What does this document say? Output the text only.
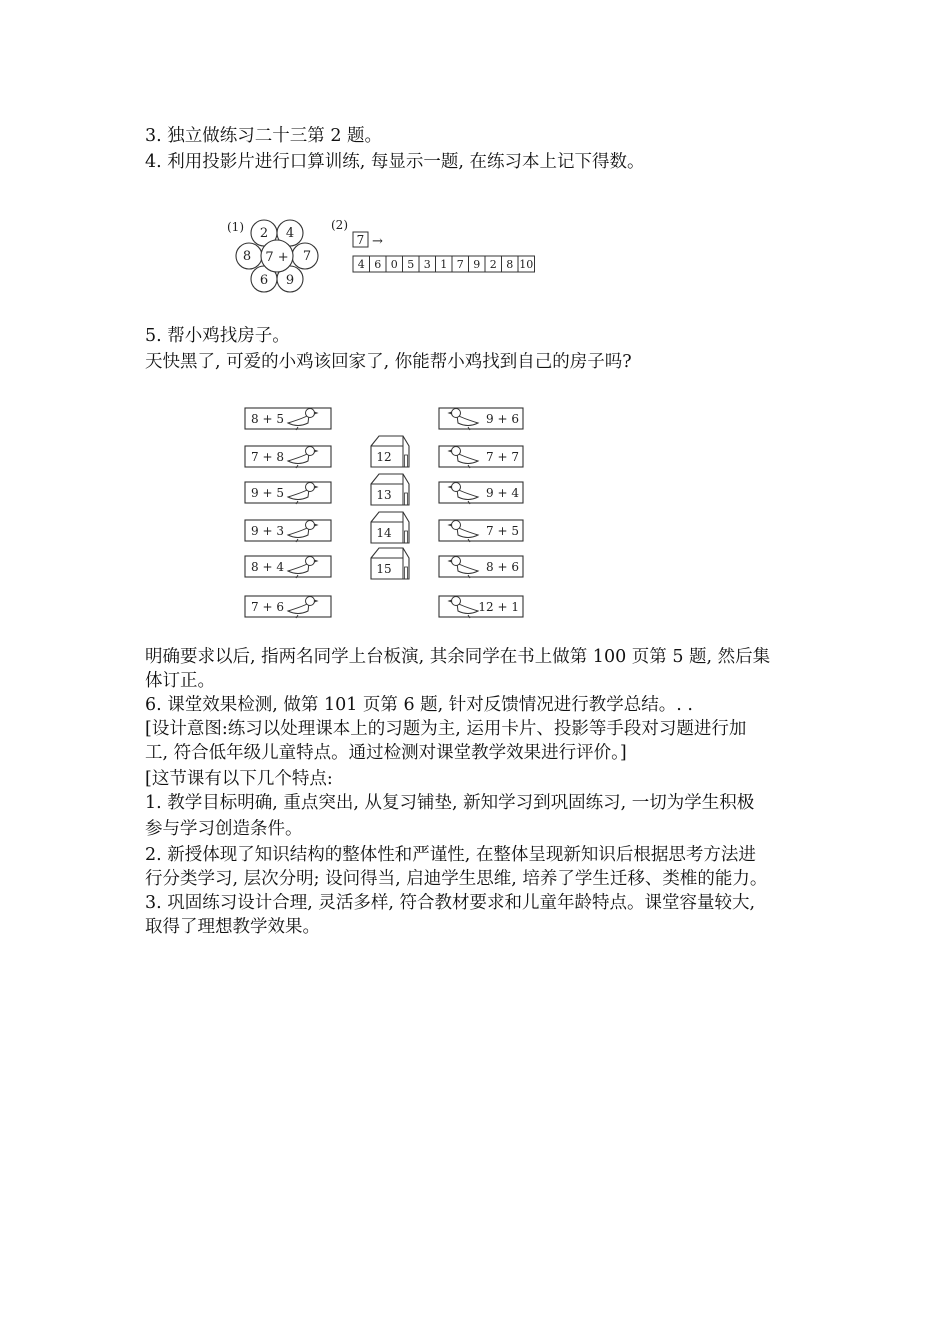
3. 独立做练习二十三第 2 题。
4. 利用投影片进行口算训练, 每显示一题, 在练习本上记下得数。
(1) 2 4
7
9
6
8 7 +
(2)
7 →
4 6 0 5 3 1 7 9 2 8 10
5. 帮小鸡找房子。
天快黑了, 可爱的小鸡该回家了, 你能帮小鸡找到自己的房子吗?
8 + 5
7 + 8
9 + 5
9 + 3
8 + 4
7 + 6
12
13
14
15
9 + 6
7 + 7
9 + 4
7 + 5
8 + 6
12 + 1
明确要求以后, 指两名同学上台板演, 其余同学在书上做第 100 页第 5 题, 然后集
体订正。
6. 课堂效果检测, 做第 101 页第 6 题, 针对反馈情况进行教学总结。. .
[设计意图:练习以处理课本上的习题为主, 运用卡片、投影等手段对习题进行加
工, 符合低年级儿童特点。通过检测对课堂教学效果进行评价。]
[这节课有以下几个特点:
1. 教学目标明确, 重点突出, 从复习铺垫, 新知学习到巩固练习, 一切为学生积极
参与学习创造条件。
2. 新授体现了知识结构的整体性和严谨性, 在整体呈现新知识后根据思考方法进
行分类学习, 层次分明; 设问得当, 启迪学生思维, 培养了学生迁移、类椎的能力。
3. 巩固练习设计合理, 灵活多样, 符合教材要求和儿童年龄特点。课堂容量较大,
取得了理想教学效果。
